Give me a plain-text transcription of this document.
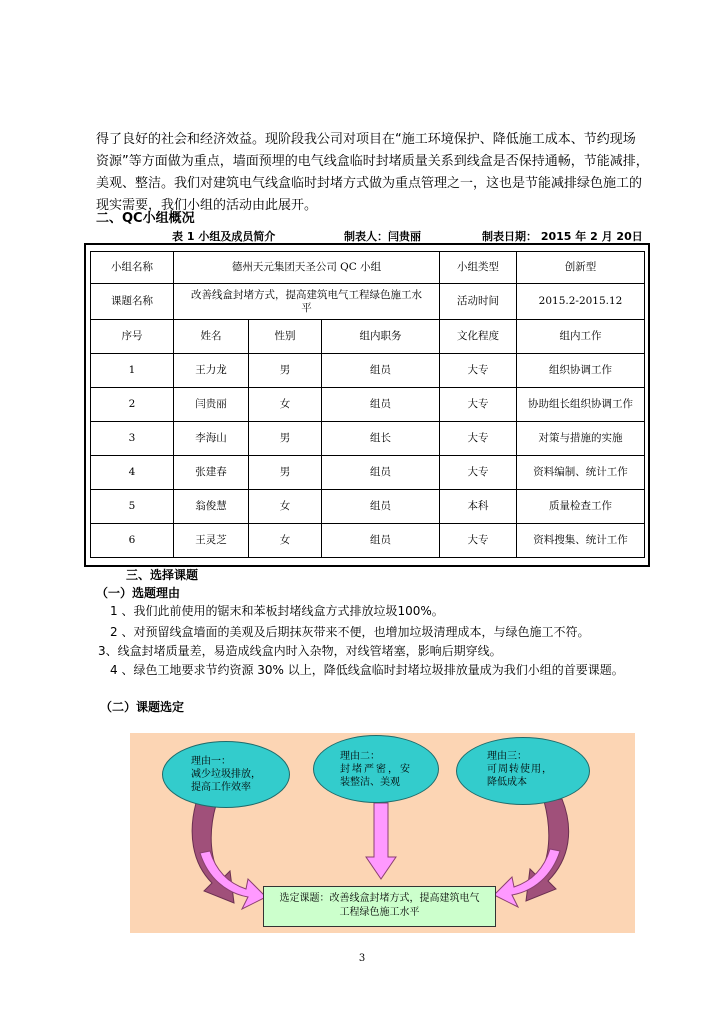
得了良好的社会和经济效益。现阶段我公司对项目在“施工环境保护、降低施工成本、节约现场
资源”等方面做为重点，墙面预埋的电气线盒临时封堵质量关系到线盒是否保持通畅，节能减排，
美观、整洁。我们对建筑电气线盒临时封堵方式做为重点管理之一，这也是节能减排绿色施工的
现实需要，我们小组的活动由此展开。
二、QC小组概况
表 1 小组及成员简介	制表人：闫贵丽	制表日期： 2015 年 2 月 20日
小组名称	德州天元集团天圣公司 QC 小组			小组类型	创新型
课题名称	改善线盒封堵方式，提高建筑电气工程绿色施工水平			活动时间	2015.2-2015.12
序号	姓名	性别	组内职务	文化程度	组内工作
1	王力龙	男	组员	大专	组织协调工作
2	闫贵丽	女	组员	大专	协助组长组织协调工作
3	李海山	男	组长	大专	对策与措施的实施
4	张建春	男	组员	大专	资料编制、统计工作
5	翁俊慧	女	组员	本科	质量检查工作
6	王灵芝	女	组员	大专	资料搜集、统计工作
三、选择课题
（一）选题理由
1 、我们此前使用的锯末和苯板封堵线盒方式排放垃圾100%。
2 、对预留线盒墙面的美观及后期抹灰带来不便，也增加垃圾清理成本，与绿色施工不符。
3、线盒封堵质量差，易造成线盒内时入杂物，对线管堵塞，影响后期穿线。
4 、绿色工地要求节约资源 30% 以上，降低线盒临时封堵垃圾排放量成为我们小组的首要课题。
（二）课题选定
理由一：
减少垃圾排放，
提高工作效率
理由二：
封堵严密，安
装整洁、美观
理由三：
可周转使用，
降低成本
选定课题：改善线盒封堵方式，提高建筑电气
工程绿色施工水平
3
